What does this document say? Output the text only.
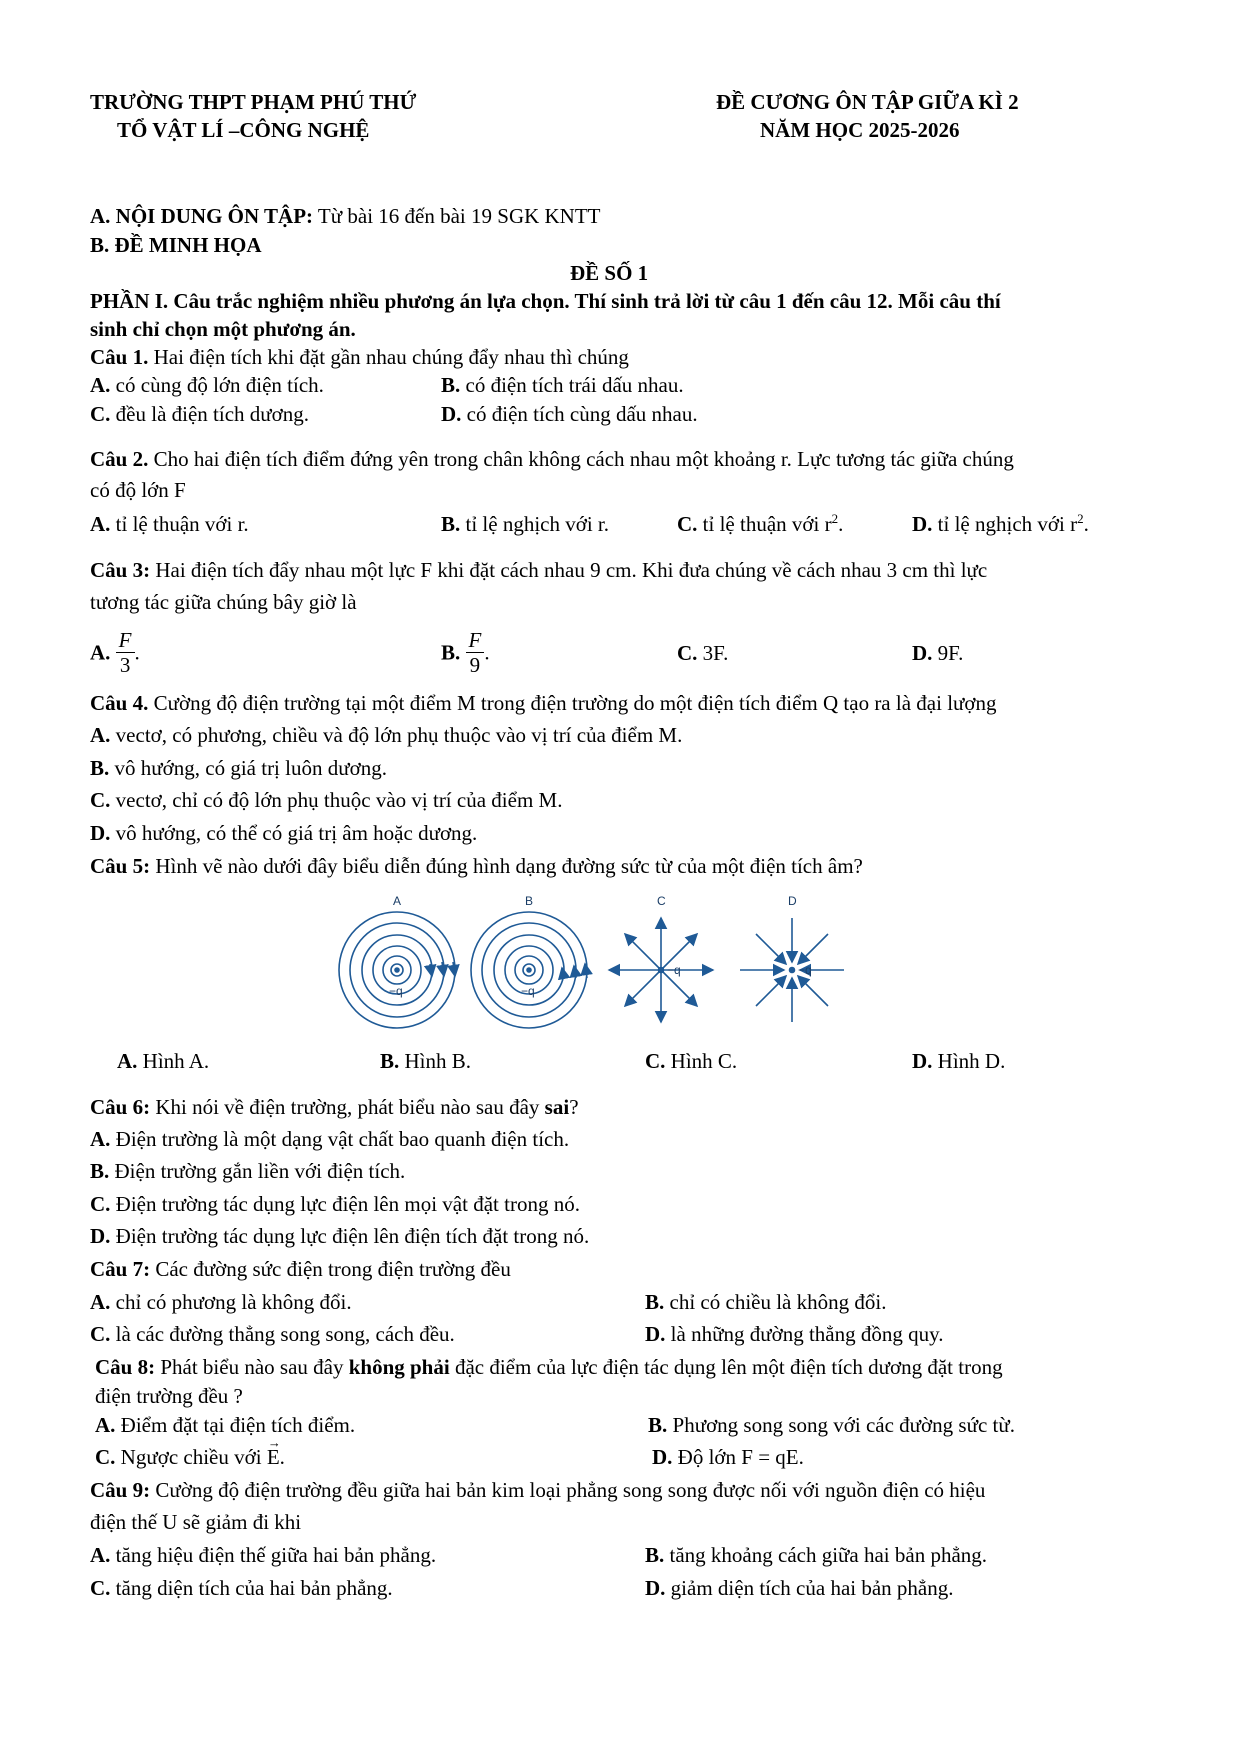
TRƯỜNG THPT PHẠM PHÚ THỨ
TỔ VẬT LÍ –CÔNG NGHỆ
ĐỀ CƯƠNG ÔN TẬP GIỮA KÌ 2
NĂM HỌC 2025-2026
A. NỘI DUNG ÔN TẬP: Từ bài 16 đến bài 19 SGK KNTT
B. ĐỀ MINH HỌA
ĐỀ SỐ 1
PHẦN I. Câu trắc nghiệm nhiều phương án lựa chọn. Thí sinh trả lời từ câu 1 đến câu 12. Mỗi câu thí
sinh chỉ chọn một phương án.
Câu 1. Hai điện tích khi đặt gần nhau chúng đẩy nhau thì chúng
A. có cùng độ lớn điện tích.	B. có điện tích trái dấu nhau.
C. đều là điện tích dương.	D. có điện tích cùng dấu nhau.
Câu 2. Cho hai điện tích điểm đứng yên trong chân không cách nhau một khoảng r. Lực tương tác giữa chúng
có độ lớn F
A. tỉ lệ thuận với r.	B. tỉ lệ nghịch với r.	C. tỉ lệ thuận với $r^2$.	D. tỉ lệ nghịch với $r^2$.
Câu 3: Hai điện tích đẩy nhau một lực F khi đặt cách nhau 9 cm. Khi đưa chúng về cách nhau 3 cm thì lực
tương tác giữa chúng bây giờ là
A. $\frac{F}{3}$ .	B. $\frac{F}{9}$ .	C. 3F.	D. 9F.
Câu 4. Cường độ điện trường tại một điểm M trong điện trường do một điện tích điểm Q tạo ra là đại lượng
A. vectơ, có phương, chiều và độ lớn phụ thuộc vào vị trí của điểm M.
B. vô hướng, có giá trị luôn dương.
C. vectơ, chỉ có độ lớn phụ thuộc vào vị trí của điểm M.
D. vô hướng, có thể có giá trị âm hoặc dương.
Câu 5: Hình vẽ nào dưới đây biểu diễn đúng hình dạng đường sức từ của một điện tích âm?
A	B	C	D
−q	−q
−q	−q
A. Hình A.	B. Hình B.	C. Hình C.	D. Hình D.
Câu 6: Khi nói về điện trường, phát biểu nào sau đây sai?
A. Điện trường là một dạng vật chất bao quanh điện tích.
B. Điện trường gắn liền với điện tích.
C. Điện trường tác dụng lực điện lên mọi vật đặt trong nó.
D. Điện trường tác dụng lực điện lên điện tích đặt trong nó.
Câu 7: Các đường sức điện trong điện trường đều
A. chỉ có phương là không đổi.	B. chỉ có chiều là không đổi.
C. là các đường thẳng song song, cách đều.	D. là những đường thẳng đồng quy.
Câu 8: Phát biểu nào sau đây không phải đặc điểm của lực điện tác dụng lên một điện tích dương đặt trong
điện trường đều ?
A. Điểm đặt tại điện tích điểm.	B. Phương song song với các đường sức từ.
C. Ngược chiều với → E.	D. Độ lớn F = qE.
Câu 9: Cường độ điện trường đều giữa hai bản kim loại phẳng song song được nối với nguồn điện có hiệu
điện thế U sẽ giảm đi khi
A. tăng hiệu điện thế giữa hai bản phẳng.	B. tăng khoảng cách giữa hai bản phẳng.
C. tăng diện tích của hai bản phẳng.	D. giảm diện tích của hai bản phẳng.
